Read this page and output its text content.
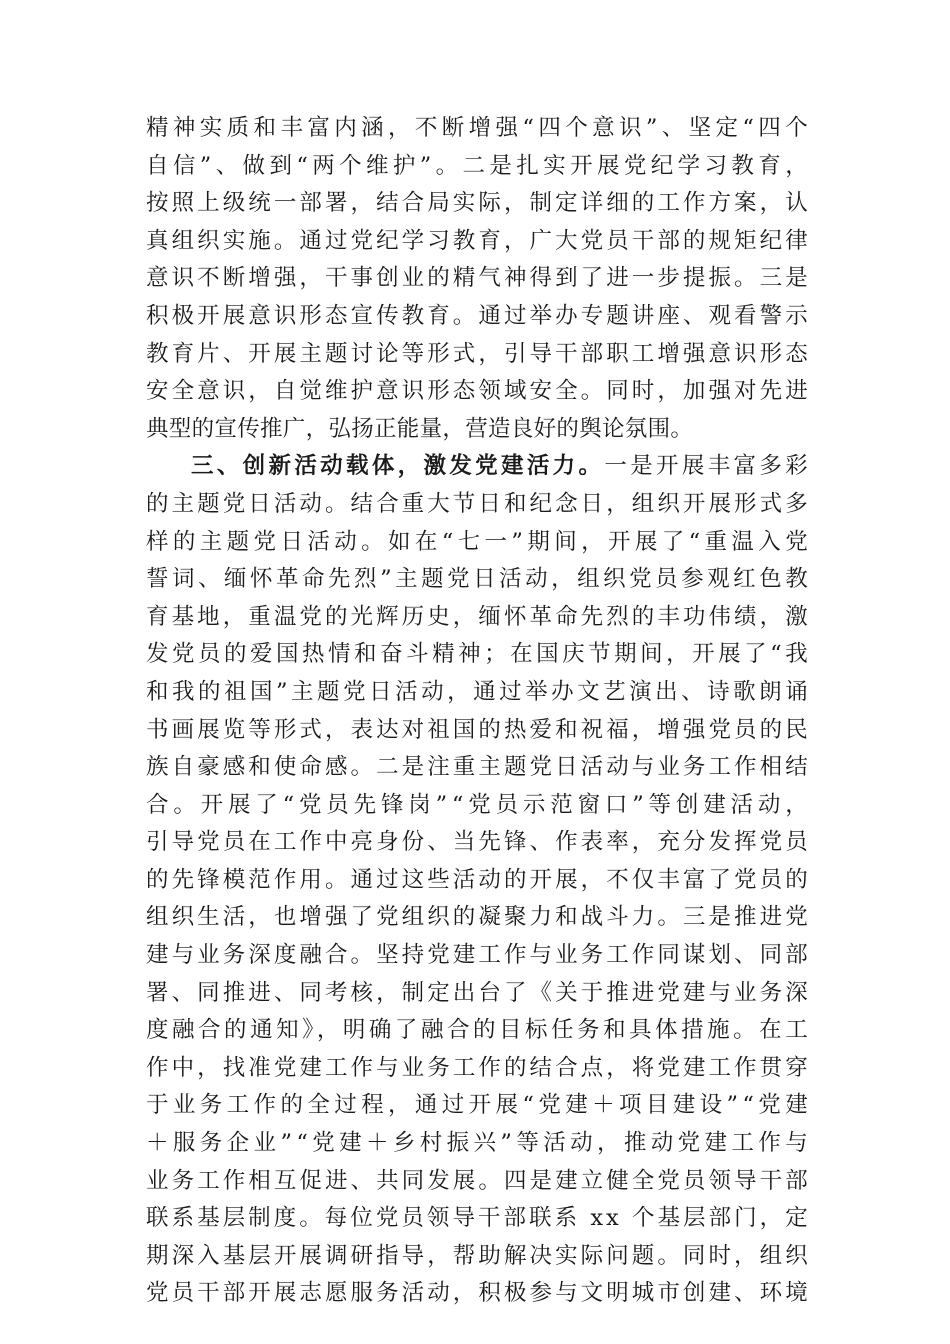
精神实质和丰富内涵，不断增强“四个意识”、坚定“四个
自信”、做到“两个维护”。二是扎实开展党纪学习教育，
按照上级统一部署，结合局实际，制定详细的工作方案，认
真组织实施。通过党纪学习教育，广大党员干部的规矩纪律
意识不断增强，干事创业的精气神得到了进一步提振。三是
积极开展意识形态宣传教育。通过举办专题讲座、观看警示
教育片、开展主题讨论等形式，引导干部职工增强意识形态
安全意识，自觉维护意识形态领域安全。同时，加强对先进
典型的宣传推广，弘扬正能量，营造良好的舆论氛围。
三、创新活动载体，激发党建活力。一是开展丰富多彩
的主题党日活动。结合重大节日和纪念日，组织开展形式多
样的主题党日活动。如在“七一”期间，开展了“重温入党
誓词、缅怀革命先烈”主题党日活动，组织党员参观红色教
育基地，重温党的光辉历史，缅怀革命先烈的丰功伟绩，激
发党员的爱国热情和奋斗精神；在国庆节期间，开展了“我
和我的祖国”主题党日活动，通过举办文艺演出、诗歌朗诵
书画展览等形式，表达对祖国的热爱和祝福，增强党员的民
族自豪感和使命感。二是注重主题党日活动与业务工作相结
合。开展了“党员先锋岗”“党员示范窗口”等创建活动，
引导党员在工作中亮身份、当先锋、作表率，充分发挥党员
的先锋模范作用。通过这些活动的开展，不仅丰富了党员的
组织生活，也增强了党组织的凝聚力和战斗力。三是推进党
建与业务深度融合。坚持党建工作与业务工作同谋划、同部
署、同推进、同考核，制定出台了《关于推进党建与业务深
度融合的通知》，明确了融合的目标任务和具体措施。在工
作中，找准党建工作与业务工作的结合点，将党建工作贯穿
于业务工作的全过程，通过开展“党建＋项目建设”“党建
＋服务企业”“党建＋乡村振兴”等活动，推动党建工作与
业务工作相互促进、共同发展。四是建立健全党员领导干部
联系基层制度。每位党员领导干部联系 xx 个基层部门，定
期深入基层开展调研指导，帮助解决实际问题。同时，组织
党员干部开展志愿服务活动，积极参与文明城市创建、环境
